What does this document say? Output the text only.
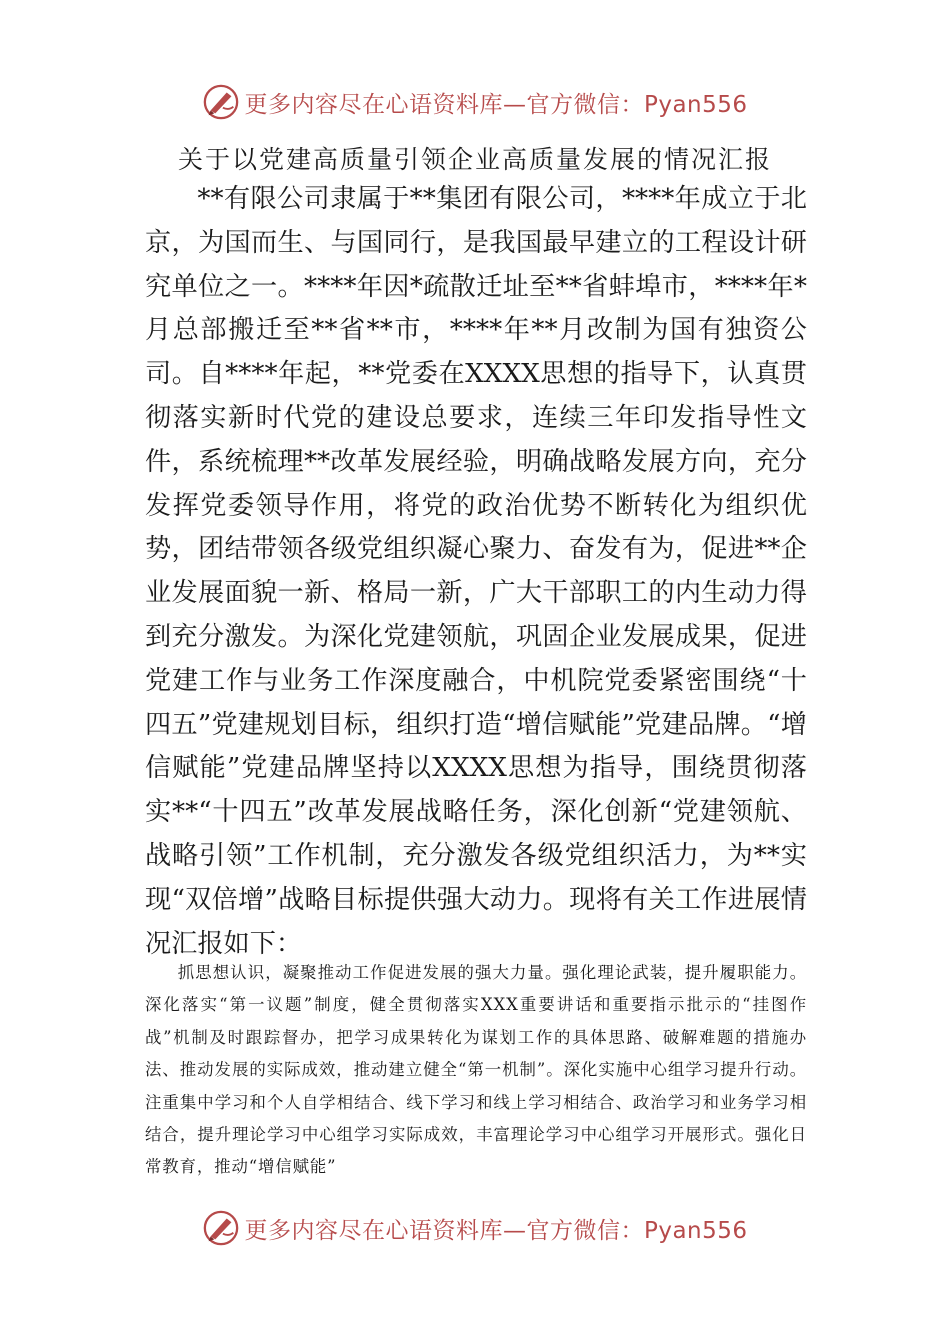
更多内容尽在心语资料库—官方微信：Pyan556
关于以党建高质量引领企业高质量发展的情况汇报

**有限公司隶属于**集团有限公司，****年成立于北京，为国而生、与国同行，是我国最早建立的工程设计研究单位之一。****年因*疏散迁址至**省蚌埠市，****年*月总部搬迁至**省**市，****年**月改制为国有独资公司。自****年起，**党委在XXXX思想的指导下，认真贯彻落实新时代党的建设总要求，连续三年印发指导性文件，系统梳理**改革发展经验，明确战略发展方向，充分发挥党委领导作用，将党的政治优势不断转化为组织优势，团结带领各级党组织凝心聚力、奋发有为，促进**企业发展面貌一新、格局一新，广大干部职工的内生动力得到充分激发。为深化党建领航，巩固企业发展成果，促进党建工作与业务工作深度融合，中机院党委紧密围绕“十四五”党建规划目标，组织打造“增信赋能”党建品牌。“增信赋能”党建品牌坚持以XXXX思想为指导，围绕贯彻落实**“十四五”改革发展战略任务，深化创新“党建领航、战略引领”工作机制，充分激发各级党组织活力，为**实现“双倍增”战略目标提供强大动力。现将有关工作进展情况汇报如下：

抓思想认识，凝聚推动工作促进发展的强大力量。强化理论武装，提升履职能力。深化落实“第一议题”制度，健全贯彻落实XXX重要讲话和重要指示批示的“挂图作战”机制及时跟踪督办，把学习成果转化为谋划工作的具体思路、破解难题的措施办法、推动发展的实际成效，推动建立健全“第一机制”。深化实施中心组学习提升行动。注重集中学习和个人自学相结合、线下学习和线上学习相结合、政治学习和业务学习相结合，提升理论学习中心组学习实际成效，丰富理论学习中心组学习开展形式。强化日常教育，推动“增信赋能”

更多内容尽在心语资料库—官方微信：Pyan556
